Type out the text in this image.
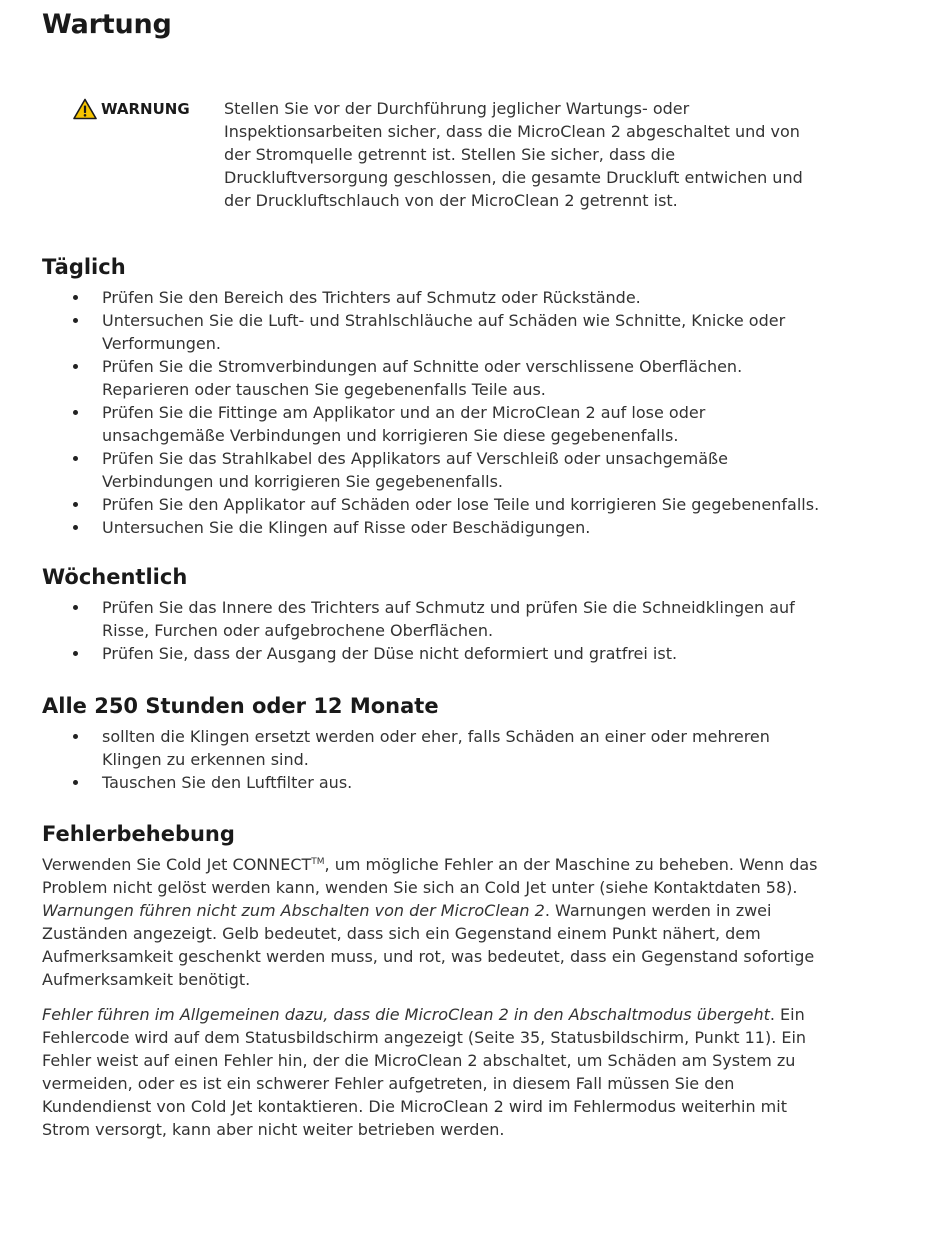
Wartung
WARNUNG Stellen Sie vor der Durchführung jeglicher Wartungs- oder Inspektionsarbeiten sicher, dass die MicroClean 2 abgeschaltet und von der Stromquelle getrennt ist. Stellen Sie sicher, dass die Druckluftversorgung geschlossen, die gesamte Druckluft entwichen und der Druckluftschlauch von der MicroClean 2 getrennt ist.
Täglich
Prüfen Sie den Bereich des Trichters auf Schmutz oder Rückstände.
Untersuchen Sie die Luft- und Strahlschläuche auf Schäden wie Schnitte, Knicke oder Verformungen.
Prüfen Sie die Stromverbindungen auf Schnitte oder verschlissene Oberflächen. Reparieren oder tauschen Sie gegebenenfalls Teile aus.
Prüfen Sie die Fittinge am Applikator und an der MicroClean 2 auf lose oder unsachgemäße Verbindungen und korrigieren Sie diese gegebenenfalls.
Prüfen Sie das Strahlkabel des Applikators auf Verschleiß oder unsachgemäße Verbindungen und korrigieren Sie gegebenenfalls.
Prüfen Sie den Applikator auf Schäden oder lose Teile und korrigieren Sie gegebenenfalls.
Untersuchen Sie die Klingen auf Risse oder Beschädigungen.
Wöchentlich
Prüfen Sie das Innere des Trichters auf Schmutz und prüfen Sie die Schneidklingen auf Risse, Furchen oder aufgebrochene Oberflächen.
Prüfen Sie, dass der Ausgang der Düse nicht deformiert und gratfrei ist.
Alle 250 Stunden oder 12 Monate
sollten die Klingen ersetzt werden oder eher, falls Schäden an einer oder mehreren Klingen zu erkennen sind.
Tauschen Sie den Luftfilter aus.
Fehlerbehebung

Verwenden Sie Cold Jet CONNECT™, um mögliche Fehler an der Maschine zu beheben. Wenn das Problem nicht gelöst werden kann, wenden Sie sich an Cold Jet unter (siehe Kontaktdaten 58). Warnungen führen nicht zum Abschalten von der MicroClean 2. Warnungen werden in zwei Zuständen angezeigt. Gelb bedeutet, dass sich ein Gegenstand einem Punkt nähert, dem Aufmerksamkeit geschenkt werden muss, und rot, was bedeutet, dass ein Gegenstand sofortige Aufmerksamkeit benötigt.

Fehler führen im Allgemeinen dazu, dass die MicroClean 2 in den Abschaltmodus übergeht. Ein Fehlercode wird auf dem Statusbildschirm angezeigt (Seite 35, Statusbildschirm, Punkt 11). Ein Fehler weist auf einen Fehler hin, der die MicroClean 2 abschaltet, um Schäden am System zu vermeiden, oder es ist ein schwerer Fehler aufgetreten, in diesem Fall müssen Sie den Kundendienst von Cold Jet kontaktieren. Die MicroClean 2 wird im Fehlermodus weiterhin mit Strom versorgt, kann aber nicht weiter betrieben werden.
